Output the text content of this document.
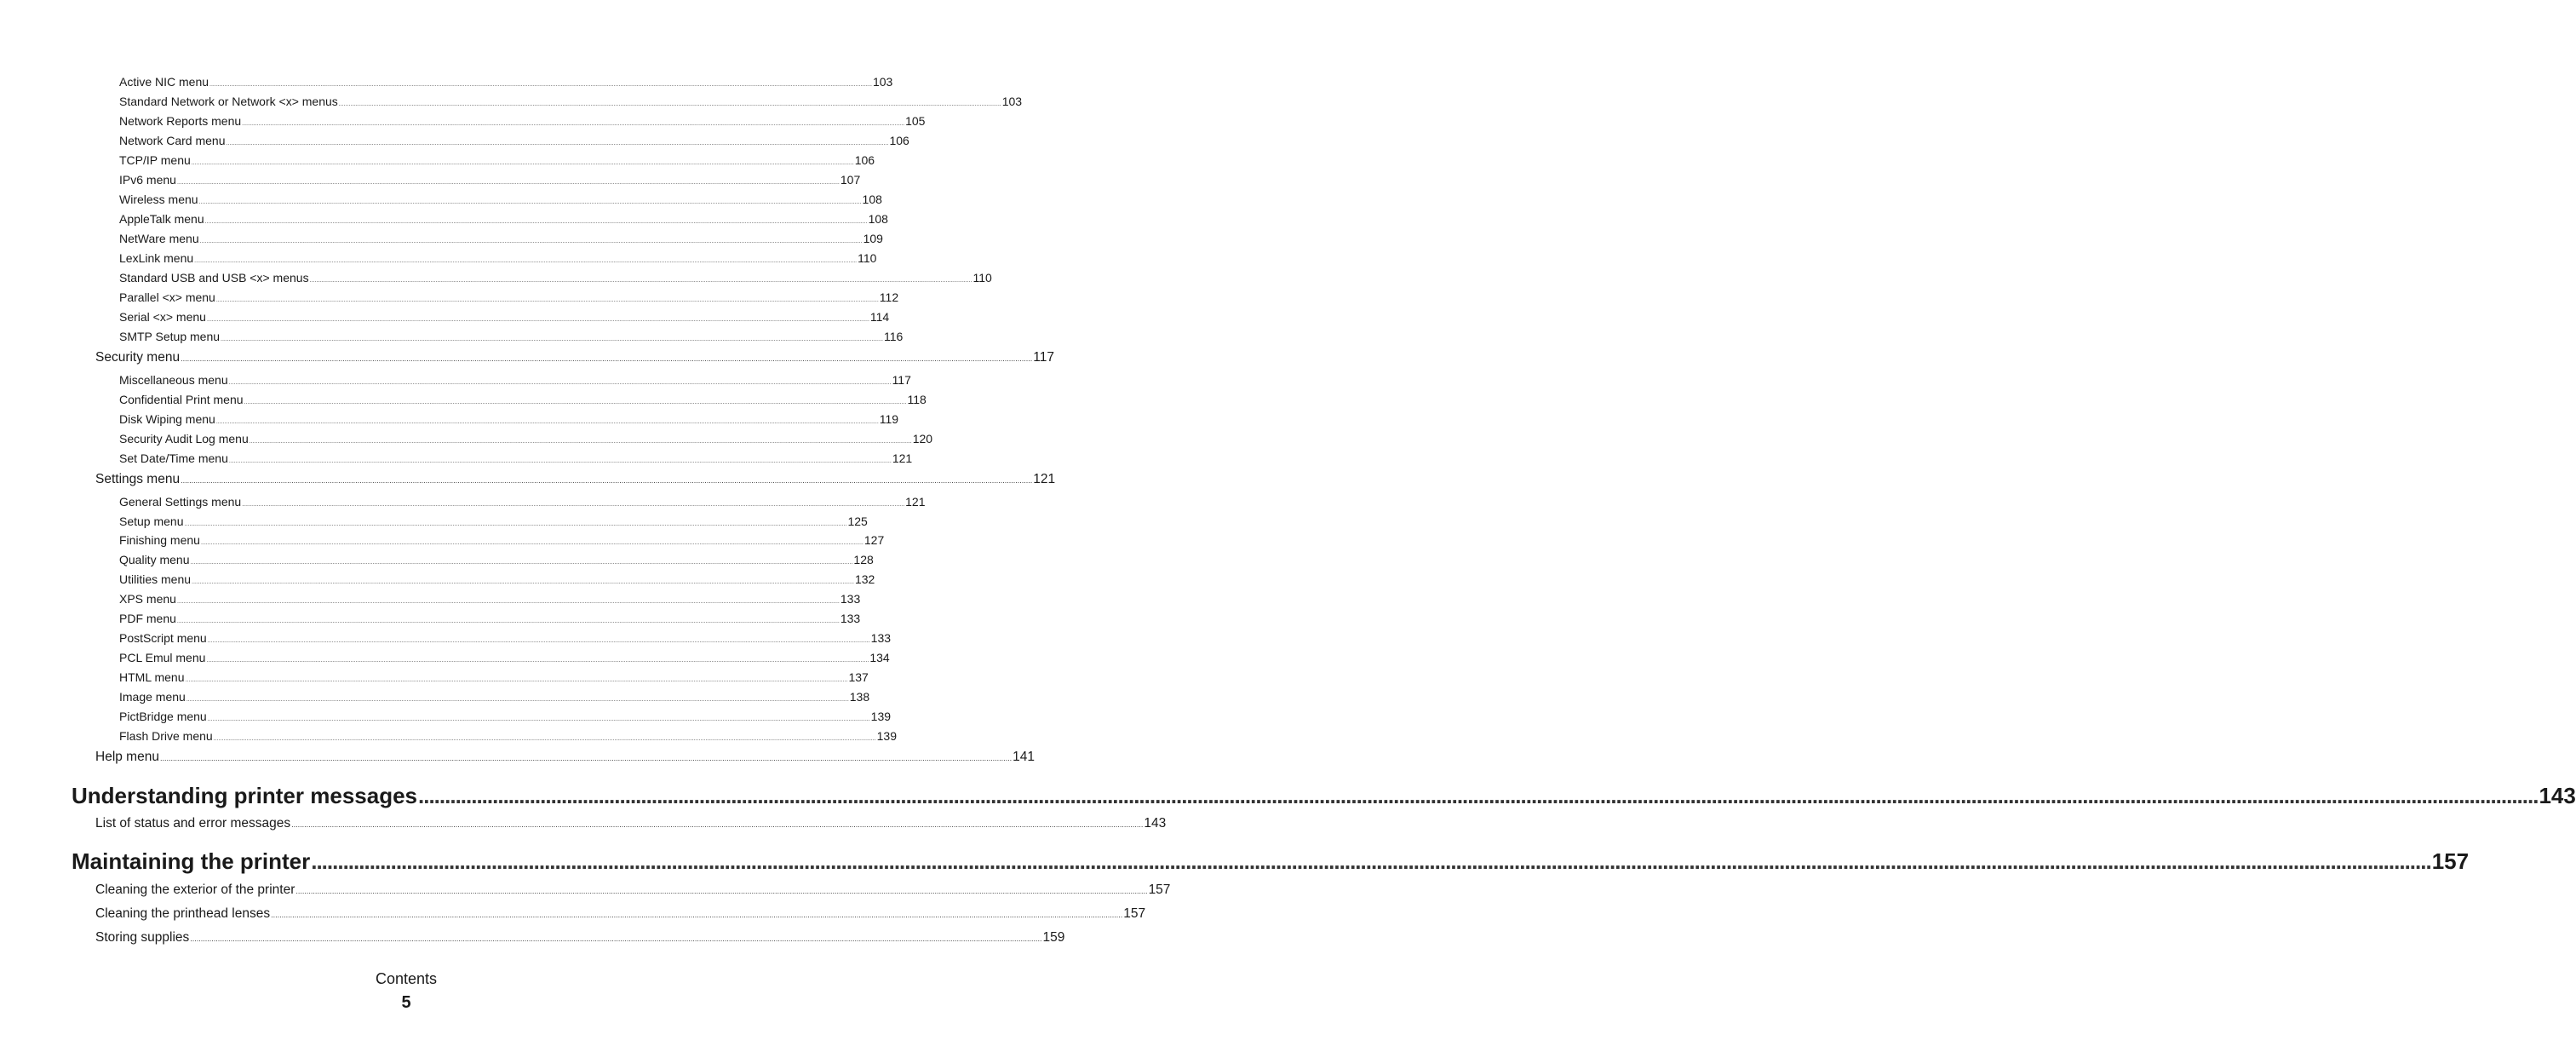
Active NIC menu ................................................................................................................................................................................................................................................................................................................................................................................................................ 103
Standard Network or Network <x> menus ................................................................................................................................................................................................................................................................................................................................................................................................................ 103
Network Reports menu ................................................................................................................................................................................................................................................................................................................................................................................................................ 105
Network Card menu ................................................................................................................................................................................................................................................................................................................................................................................................................ 106
TCP/IP menu ................................................................................................................................................................................................................................................................................................................................................................................................................ 106
IPv6 menu ................................................................................................................................................................................................................................................................................................................................................................................................................ 107
Wireless menu ................................................................................................................................................................................................................................................................................................................................................................................................................ 108
AppleTalk menu ................................................................................................................................................................................................................................................................................................................................................................................................................ 108
NetWare menu ................................................................................................................................................................................................................................................................................................................................................................................................................ 109
LexLink menu ................................................................................................................................................................................................................................................................................................................................................................................................................ 110
Standard USB and USB <x> menus ................................................................................................................................................................................................................................................................................................................................................................................................................ 110
Parallel <x> menu ................................................................................................................................................................................................................................................................................................................................................................................................................ 112
Serial <x> menu ................................................................................................................................................................................................................................................................................................................................................................................................................ 114
SMTP Setup menu ................................................................................................................................................................................................................................................................................................................................................................................................................ 116
Security menu ................................................................................................................................................................................................................................................................................................................................................................................................................ 117
Miscellaneous menu ................................................................................................................................................................................................................................................................................................................................................................................................................ 117
Confidential Print menu ................................................................................................................................................................................................................................................................................................................................................................................................................ 118
Disk Wiping menu ................................................................................................................................................................................................................................................................................................................................................................................................................ 119
Security Audit Log menu ................................................................................................................................................................................................................................................................................................................................................................................................................ 120
Set Date/Time menu ................................................................................................................................................................................................................................................................................................................................................................................................................ 121
Settings menu ................................................................................................................................................................................................................................................................................................................................................................................................................ 121
General Settings menu ................................................................................................................................................................................................................................................................................................................................................................................................................ 121
Setup menu ................................................................................................................................................................................................................................................................................................................................................................................................................ 125
Finishing menu ................................................................................................................................................................................................................................................................................................................................................................................................................ 127
Quality menu ................................................................................................................................................................................................................................................................................................................................................................................................................ 128
Utilities menu ................................................................................................................................................................................................................................................................................................................................................................................................................ 132
XPS menu ................................................................................................................................................................................................................................................................................................................................................................................................................ 133
PDF menu ................................................................................................................................................................................................................................................................................................................................................................................................................ 133
PostScript menu ................................................................................................................................................................................................................................................................................................................................................................................................................ 133
PCL Emul menu ................................................................................................................................................................................................................................................................................................................................................................................................................ 134
HTML menu ................................................................................................................................................................................................................................................................................................................................................................................................................ 137
Image menu ................................................................................................................................................................................................................................................................................................................................................................................................................ 138
PictBridge menu ................................................................................................................................................................................................................................................................................................................................................................................................................ 139
Flash Drive menu ................................................................................................................................................................................................................................................................................................................................................................................................................ 139
Help menu ................................................................................................................................................................................................................................................................................................................................................................................................................ 141
Understanding printer messages ................................................................................................................................................................................................................................................................................................................................................................................................................ 143
List of status and error messages ................................................................................................................................................................................................................................................................................................................................................................................................................ 143
Maintaining the printer ................................................................................................................................................................................................................................................................................................................................................................................................................ 157
Cleaning the exterior of the printer ................................................................................................................................................................................................................................................................................................................................................................................................................ 157
Cleaning the printhead lenses ................................................................................................................................................................................................................................................................................................................................................................................................................ 157
Storing supplies ................................................................................................................................................................................................................................................................................................................................................................................................................ 159
Contents
5
